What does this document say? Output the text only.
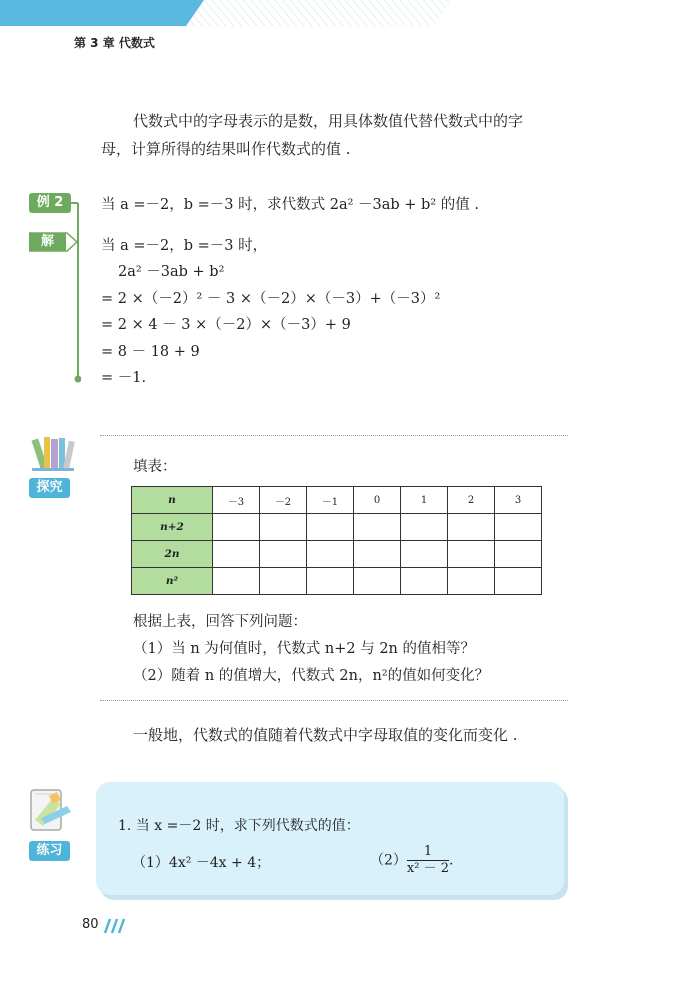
第 3 章 代数式
代数式中的字母表示的是数，用具体数值代替代数式中的字
母，计算所得的结果叫作代数式的值 .
例 2	当 a =－2，b =－3 时，求代数式 2a² －3ab + b² 的值 .
解	当 a =－2，b =－3 时，
2a² －3ab + b²
= 2 ×（－2）² － 3 ×（－2）×（－3）+（－3）²
= 2 × 4 － 3 ×（－2）×（－3）+ 9
= 8 － 18 + 9
= －1.
探究
填表：
n	－3	－2	－1	0	1	2	3
n+2							
2n							
n²							
根据上表，回答下列问题：
（1）当 n 为何值时，代数式 n+2 与 2n 的值相等？
（2）随着 n 的值增大，代数式 2n，n²的值如何变化？
一般地，代数式的值随着代数式中字母取值的变化而变化 .
练习
1. 当 x =－2 时，求下列代数式的值：
（1）4x² －4x + 4；	$(2) \frac{1}{\text{x² － 2}}$ .
80
